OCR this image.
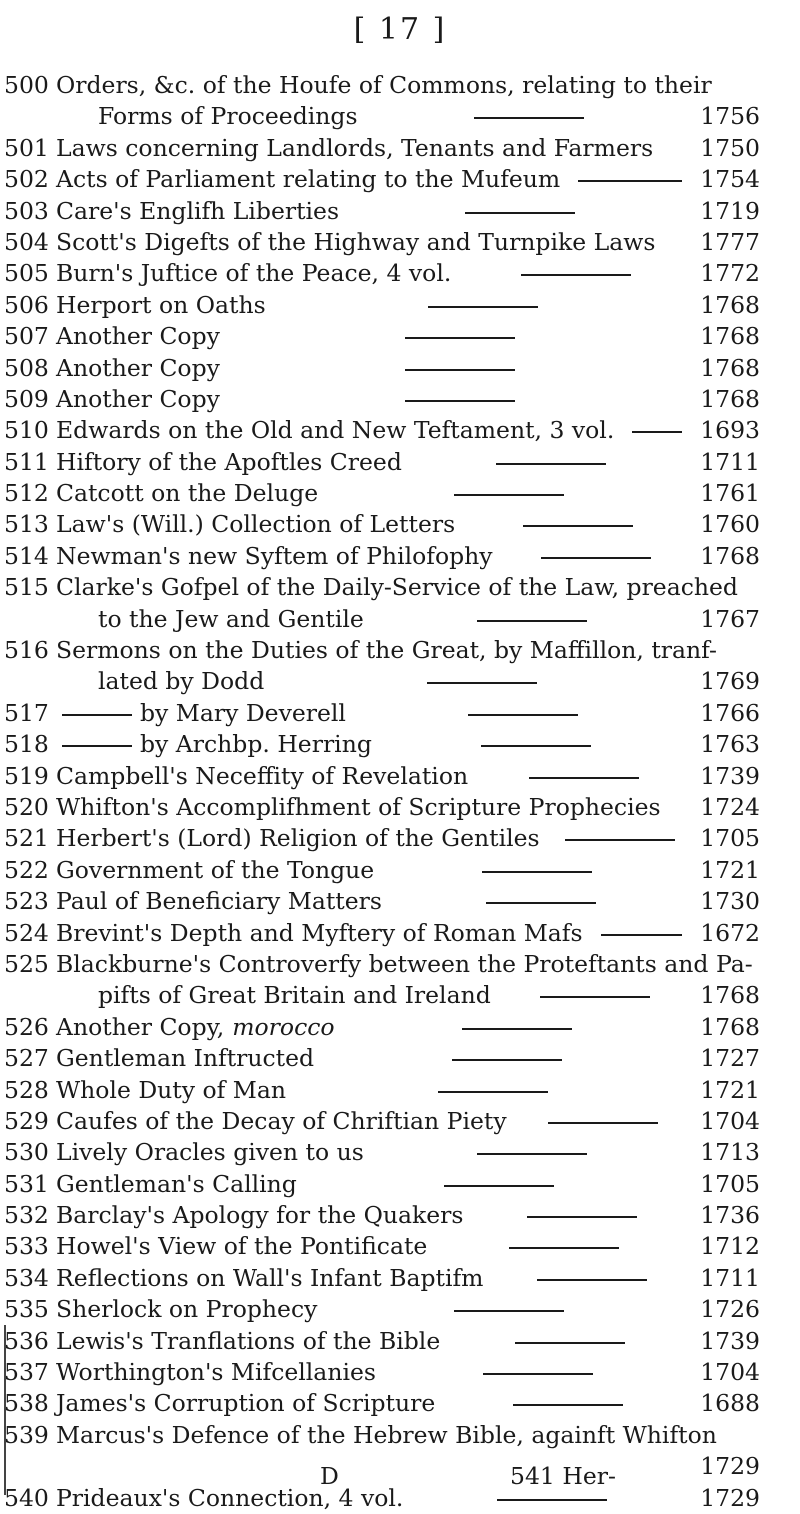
[ 17 ]
500 Orders, &c. of the Houfe of Commons, relating to their
Forms of Proceedings	1756
501 Laws concerning Landlords, Tenants and Farmers 1750
502 Acts of Parliament relating to the Mufeum	1754
503 Care's Englifh Liberties	1719
504 Scott's Digefts of the Highway and Turnpike Laws 1777
505 Burn's Juftice of the Peace, 4 vol.	1772
506 Herport on Oaths	1768
507 Another Copy	1768
508 Another Copy	1768
509 Another Copy	1768
510 Edwards on the Old and New Teftament, 3 vol.	1693
511 Hiftory of the Apoftles Creed	1711
512 Catcott on the Deluge	1761
513 Law's (Will.) Collection of Letters	1760
514 Newman's new Syftem of Philofophy	1768
515 Clarke's Gofpel of the Daily-Service of the Law, preached
to the Jew and Gentile	1767
516 Sermons on the Duties of the Great, by Maffillon, tranf-
lated by Dodd	1769
517	by Mary Deverell	1766
518	by Archbp. Herring	1763
519 Campbell's Neceffity of Revelation	1739
520 Whifton's Accomplifhment of Scripture Prophecies 1724
521 Herbert's (Lord) Religion of the Gentiles	1705
522 Government of the Tongue	1721
523 Paul of Beneficiary Matters	1730
524 Brevint's Depth and Myftery of Roman Mafs	1672
525 Blackburne's Controverfy between the Proteftants and Pa-
pifts of Great Britain and Ireland	1768
526 Another Copy, morocco	1768
527 Gentleman Inftructed	1727
528 Whole Duty of Man	1721
529 Caufes of the Decay of Chriftian Piety	1704
530 Lively Oracles given to us	1713
531 Gentleman's Calling	1705
532 Barclay's Apology for the Quakers	1736
533 Howel's View of the Pontificate	1712
534 Reflections on Wall's Infant Baptifm	1711
535 Sherlock on Prophecy	1726
536 Lewis's Tranflations of the Bible	1739
537 Worthington's Mifcellanies	1704
538 James's Corruption of Scripture	1688
539 Marcus's Defence of the Hebrew Bible, againft Whifton
1729
540 Prideaux's Connection, 4 vol.	1729
D	541 Her-
